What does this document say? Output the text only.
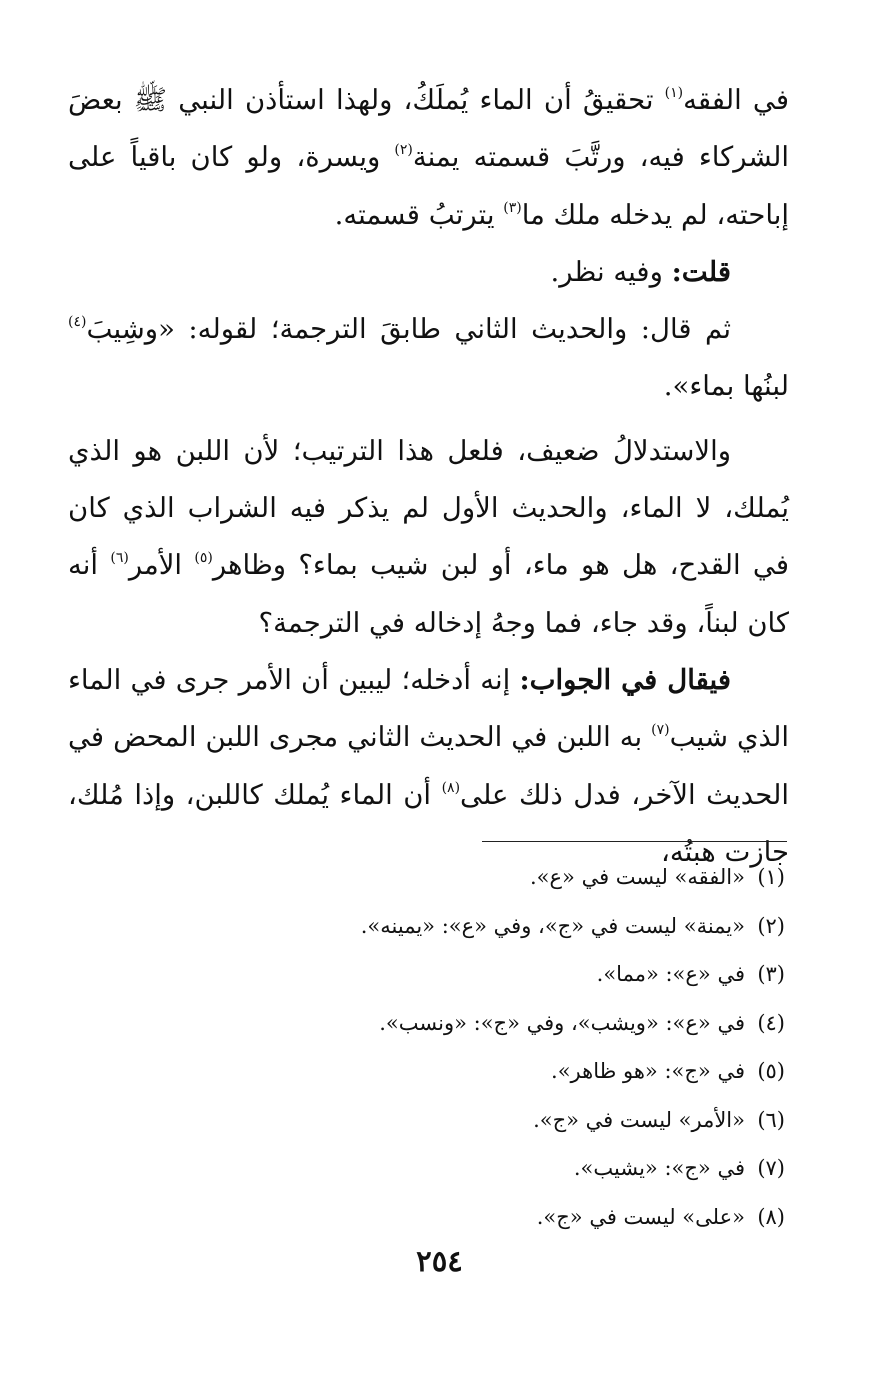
في الفقه$^{(١)}$ تحقيقُ أن الماء يُملَكُ، ولهذا استأذن النبي ﷺ بعضَ الشركاء فيه، ورتَّبَ قسمته يمنة$^{(٢)}$ ويسرة، ولو كان باقياً على إباحته، لم يدخله ملك ما$^{(٣)}$ يترتبُ قسمته.

قلت: وفيه نظر.

ثم قال: والحديث الثاني طابقَ الترجمة؛ لقوله: «وشِيبَ$^{(٤)}$ لبنُها بماء».

والاستدلالُ ضعيف، فلعل هذا الترتيب؛ لأن اللبن هو الذي يُملك، لا الماء، والحديث الأول لم يذكر فيه الشراب الذي كان في القدح، هل هو ماء، أو لبن شيب بماء؟ وظاهر$^{(٥)}$ الأمر$^{(٦)}$ أنه كان لبناً، وقد جاء، فما وجهُ إدخاله في الترجمة؟

فيقال في الجواب: إنه أدخله؛ ليبين أن الأمر جرى في الماء الذي شيب$^{(٧)}$ به اللبن في الحديث الثاني مجرى اللبن المحض في الحديث الآخر، فدل ذلك على$^{(٨)}$ أن الماء يُملك كاللبن، وإذا مُلك، جازت هبتُه،

(١)«الفقه» ليست في «ع».
(٢)«يمنة» ليست في «ج»، وفي «ع»: «يمينه».
(٣)في «ع»: «مما».
(٤)في «ع»: «ويشب»، وفي «ج»: «ونسب».
(٥)في «ج»: «هو ظاهر».
(٦)«الأمر» ليست في «ج».
(٧)في «ج»: «يشيب».
(٨)«على» ليست في «ج».
٢٥٤
